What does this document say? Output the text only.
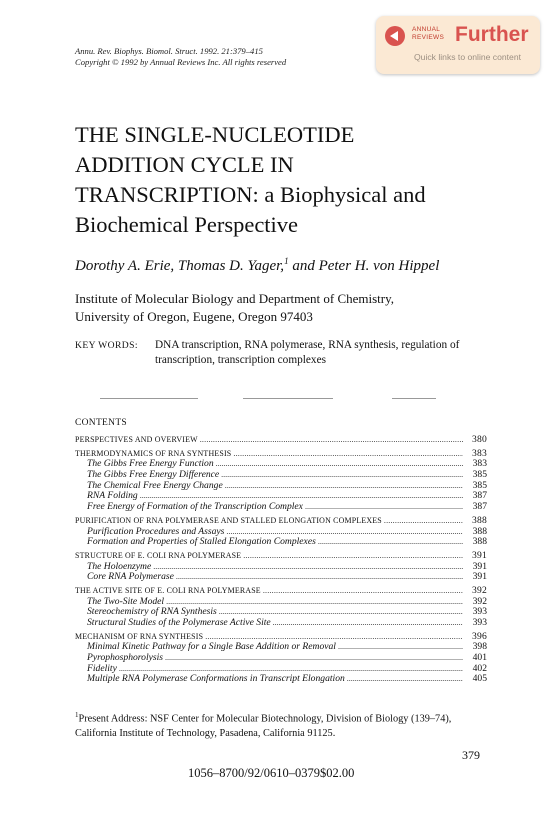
Annu. Rev. Biophys. Biomol. Struct. 1992. 21:379–415
Copyright © 1992 by Annual Reviews Inc. All rights reserved
ANNUAL
REVIEWS Further
Quick links to online content
THE SINGLE-NUCLEOTIDE
ADDITION CYCLE IN
TRANSCRIPTION: a Biophysical and
Biochemical Perspective
Dorothy A. Erie, Thomas D. Yager,$^1$ and Peter H. von Hippel
Institute of Molecular Biology and Department of Chemistry,
University of Oregon, Eugene, Oregon 97403
KEY WORDS: DNA transcription, RNA polymerase, RNA synthesis, regulation of transcription, transcription complexes
CONTENTS
PERSPECTIVES AND OVERVIEW .....	380
THERMODYNAMICS OF RNA SYNTHESIS .....	383
The Gibbs Free Energy Function .....	383
The Gibbs Free Energy Difference .....	385
The Chemical Free Energy Change .....	385
RNA Folding .....	387
Free Energy of Formation of the Transcription Complex .....	387
PURIFICATION OF RNA POLYMERASE AND STALLED ELONGATION COMPLEXES .....	388
Purification Procedures and Assays .....	388
Formation and Properties of Stalled Elongation Complexes .....	388
STRUCTURE OF E. COLI RNA POLYMERASE .....	391
The Holoenzyme .....	391
Core RNA Polymerase .....	391
THE ACTIVE SITE OF E. COLI RNA POLYMERASE .....	392
The Two-Site Model .....	392
Stereochemistry of RNA Synthesis .....	393
Structural Studies of the Polymerase Active Site .....	393
MECHANISM OF RNA SYNTHESIS .....	396
Minimal Kinetic Pathway for a Single Base Addition or Removal .....	398
Pyrophosphorolysis .....	401
Fidelity .....	402
Multiple RNA Polymerase Conformations in Transcript Elongation .....	405
$^1$Present Address: NSF Center for Molecular Biotechnology, Division of Biology (139–74), California Institute of Technology, Pasadena, California 91125.
379
1056–8700/92/0610–0379$02.00
